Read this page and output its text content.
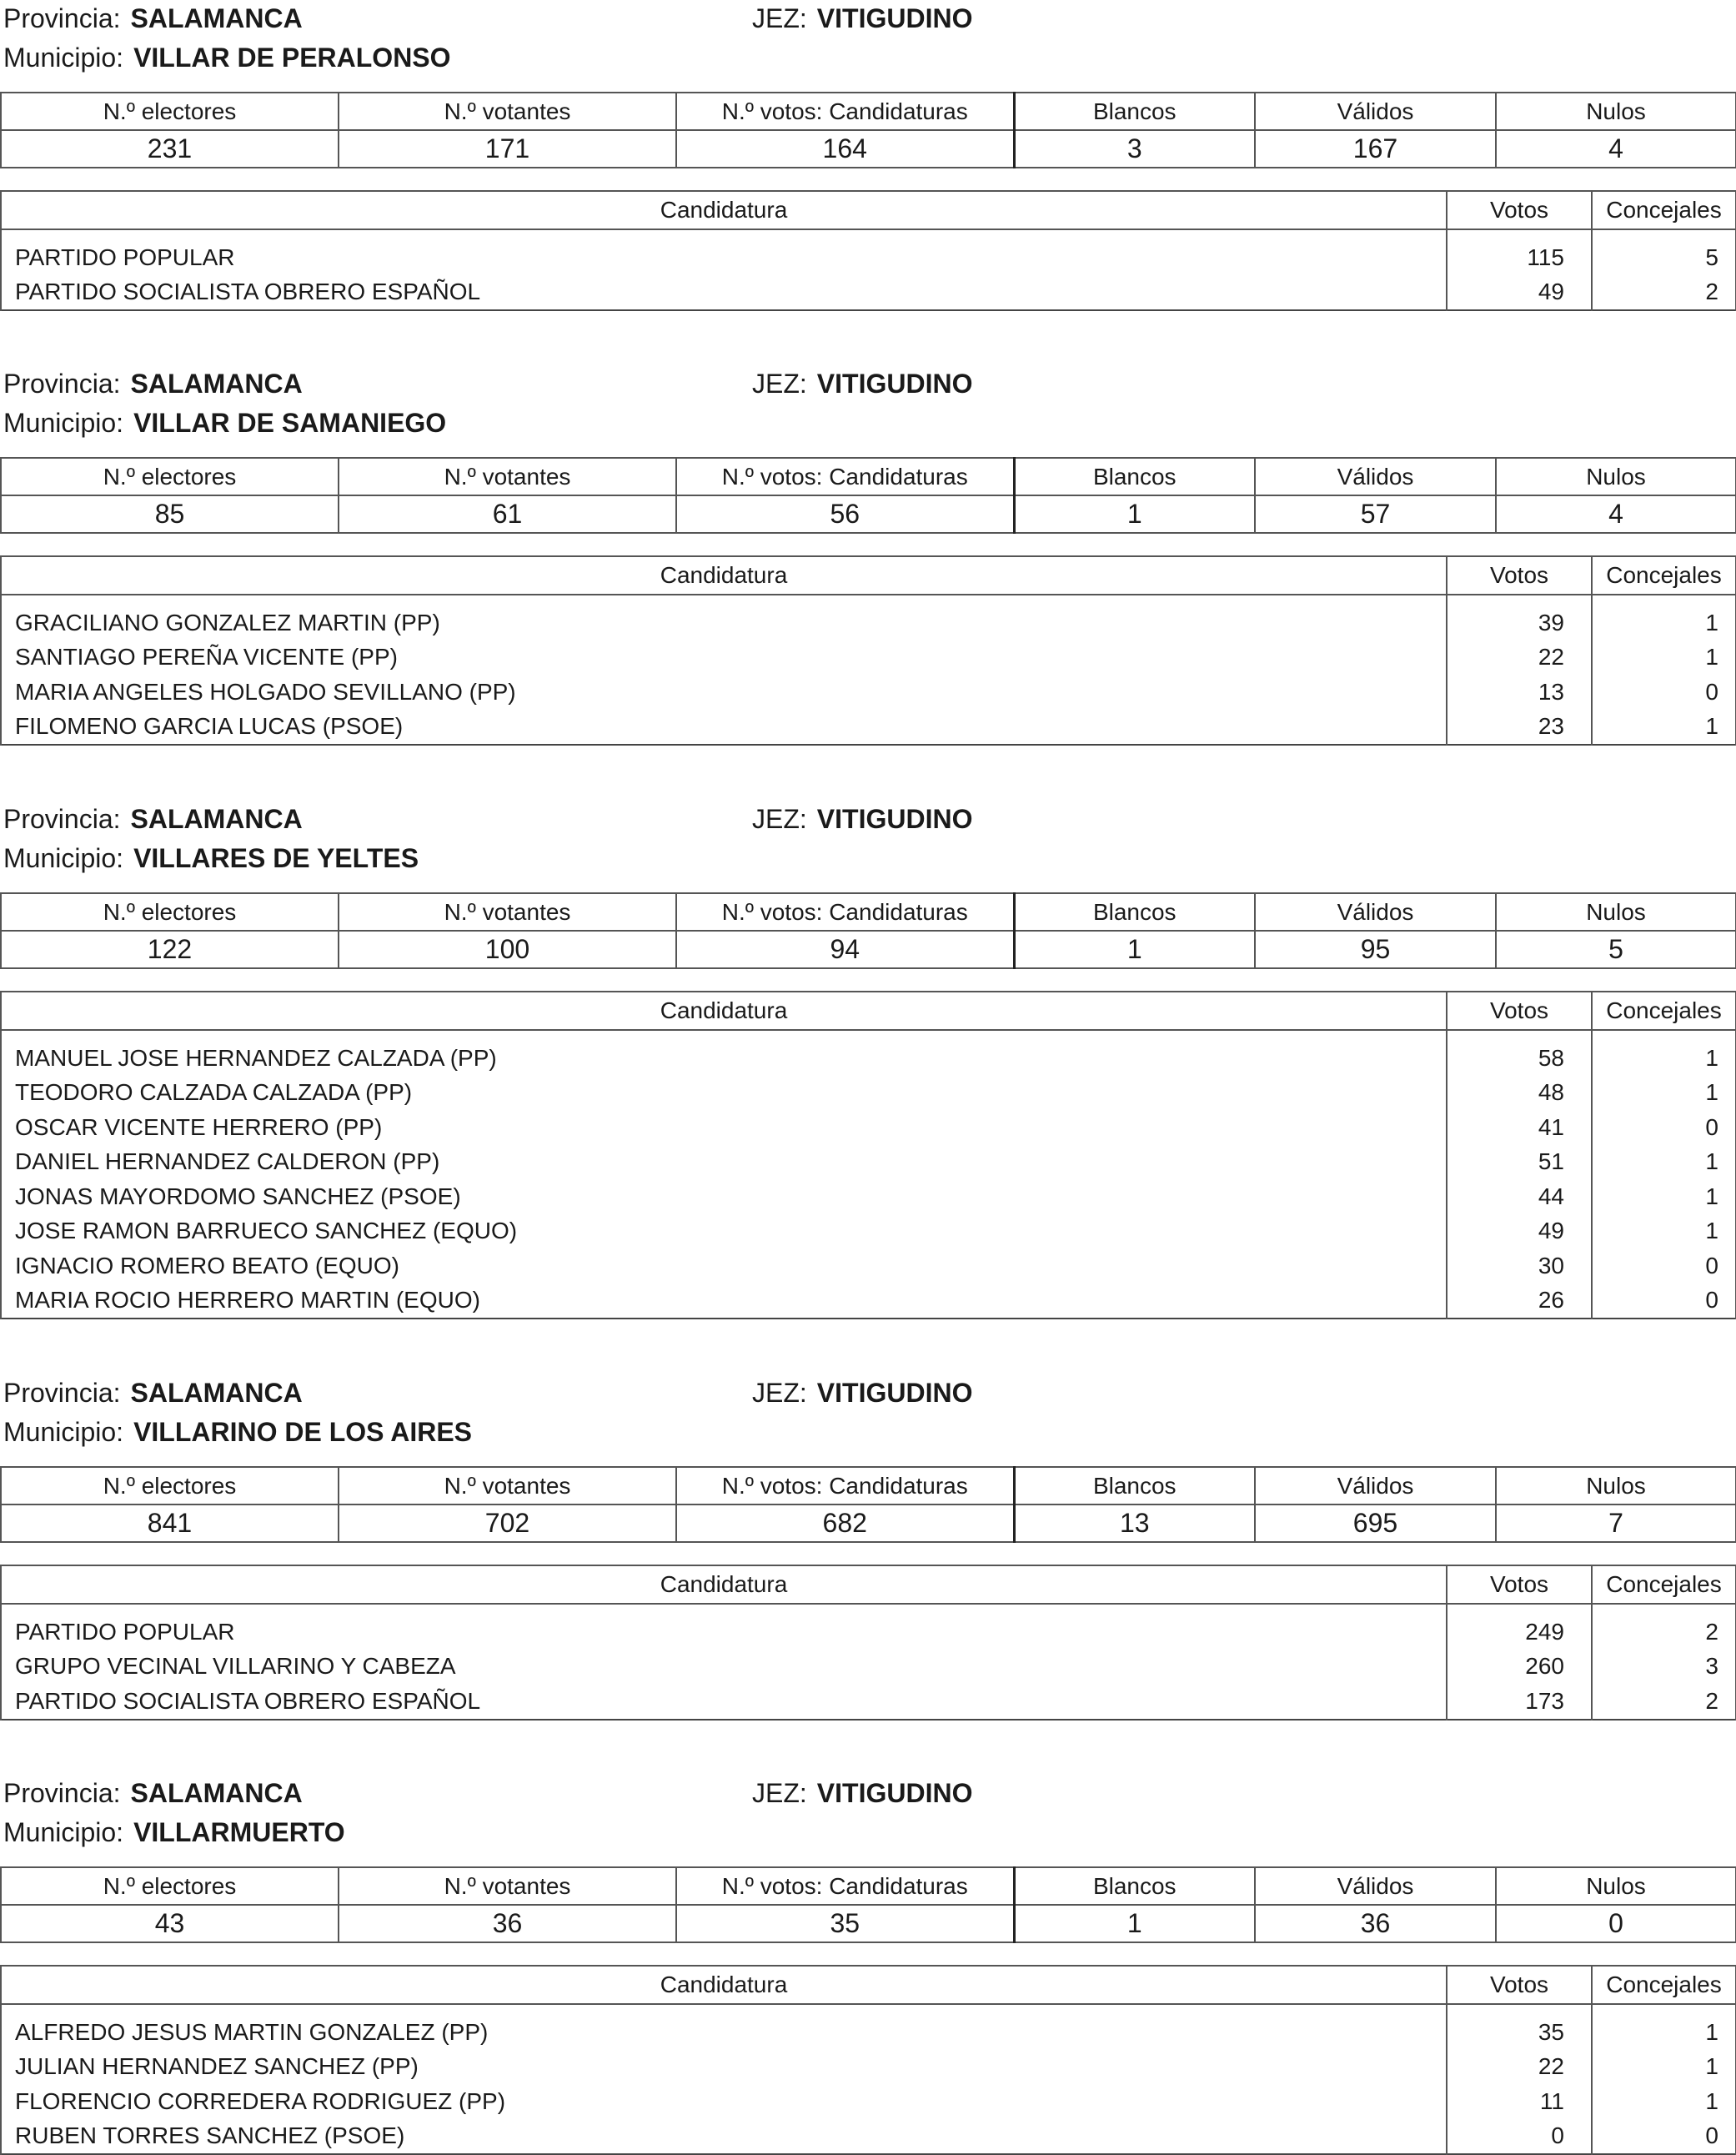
Provincia: SALAMANCA	JEZ: VITIGUDINO
Municipio: VILLAR DE PERALONSO
N.º electores	N.º votantes	N.º votos: Candidaturas	Blancos	Válidos	Nulos
231	171	164	3	167	4
Candidatura	Votos	Concejales

PARTIDO POPULAR	115	5
PARTIDO SOCIALISTA OBRERO ESPAÑOL	49	2
Provincia: SALAMANCA	JEZ: VITIGUDINO
Municipio: VILLAR DE SAMANIEGO
N.º electores	N.º votantes	N.º votos: Candidaturas	Blancos	Válidos	Nulos
85	61	56	1	57	4
Candidatura	Votos	Concejales

GRACILIANO GONZALEZ MARTIN (PP)	39	1
SANTIAGO PEREÑA VICENTE (PP)	22	1
MARIA ANGELES HOLGADO SEVILLANO (PP)	13	0
FILOMENO GARCIA LUCAS (PSOE)	23	1
Provincia: SALAMANCA	JEZ: VITIGUDINO
Municipio: VILLARES DE YELTES
N.º electores	N.º votantes	N.º votos: Candidaturas	Blancos	Válidos	Nulos
122	100	94	1	95	5
Candidatura	Votos	Concejales

MANUEL JOSE HERNANDEZ CALZADA (PP)	58	1
TEODORO CALZADA CALZADA (PP)	48	1
OSCAR VICENTE HERRERO (PP)	41	0
DANIEL HERNANDEZ CALDERON (PP)	51	1
JONAS MAYORDOMO SANCHEZ (PSOE)	44	1
JOSE RAMON BARRUECO SANCHEZ (EQUO)	49	1
IGNACIO ROMERO BEATO (EQUO)	30	0
MARIA ROCIO HERRERO MARTIN (EQUO)	26	0
Provincia: SALAMANCA	JEZ: VITIGUDINO
Municipio: VILLARINO DE LOS AIRES
N.º electores	N.º votantes	N.º votos: Candidaturas	Blancos	Válidos	Nulos
841	702	682	13	695	7
Candidatura	Votos	Concejales

PARTIDO POPULAR	249	2
GRUPO VECINAL VILLARINO Y CABEZA	260	3
PARTIDO SOCIALISTA OBRERO ESPAÑOL	173	2
Provincia: SALAMANCA	JEZ: VITIGUDINO
Municipio: VILLARMUERTO
N.º electores	N.º votantes	N.º votos: Candidaturas	Blancos	Válidos	Nulos
43	36	35	1	36	0
Candidatura	Votos	Concejales

ALFREDO JESUS MARTIN GONZALEZ (PP)	35	1
JULIAN HERNANDEZ SANCHEZ (PP)	22	1
FLORENCIO CORREDERA RODRIGUEZ (PP)	11	1
RUBEN TORRES SANCHEZ (PSOE)	0	0
